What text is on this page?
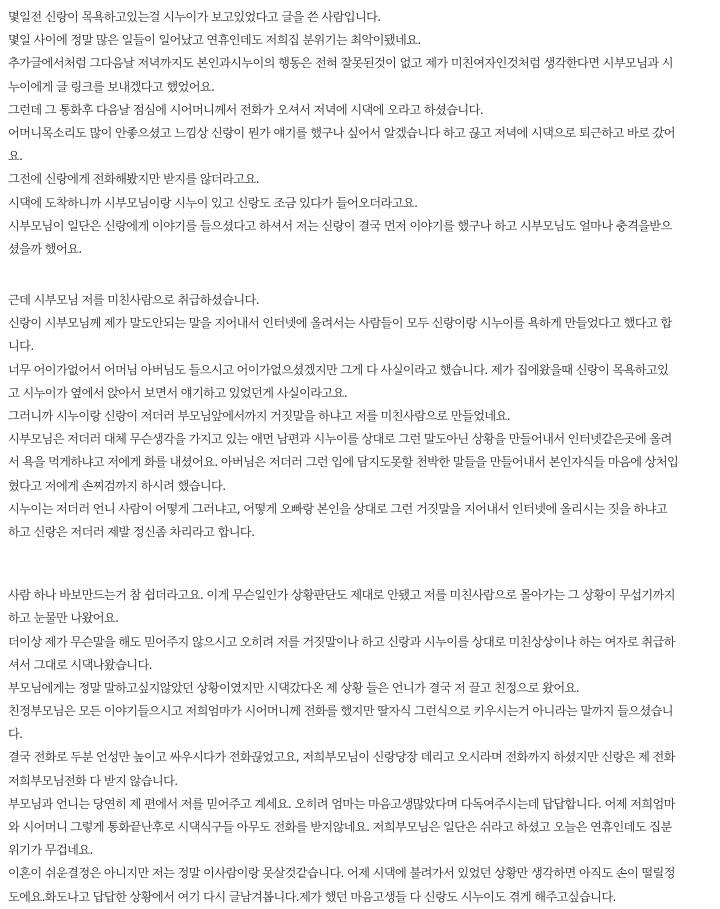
몇일전 신랑이 목욕하고있는걸 시누이가 보고있었다고 글을 쓴 사람입니다.
몇일 사이에 정말 많은 일들이 일어났고 연휴인데도 저희집 분위기는 최악이됐네요.
추가글에서처럼 그다음날 저녁까지도 본인과시누이의 행동은 전혀 잘못된것이 없고 제가 미친여자인것처럼 생각한다면 시부모님과 시
누이에게 글 링크를 보내겠다고 했었어요.
그런데 그 통화후 다음날 점심에 시어머니께서 전화가 오셔서 저녁에 시댁에 오라고 하셨습니다.
어머니목소리도 많이 안좋으셨고 느낌상 신랑이 뭔가 얘기를 했구나 싶어서 알겠습니다 하고 끊고 저녁에 시댁으로 퇴근하고 바로 갔어
요.
그전에 신랑에게 전화해봤지만 받지를 않더라고요.
시댁에 도착하니까 시부모님이랑 시누이 있고 신랑도 조금 있다가 들어오더라고요.
시부모님이 일단은 신랑에게 이야기를 들으셨다고 하셔서 저는 신랑이 결국 먼저 이야기를 했구나 하고 시부모님도 얼마나 충격을받으
셨을까 했어요.
근데 시부모님 저를 미친사람으로 취급하셨습니다.
신랑이 시부모님께 제가 말도안되는 말을 지어내서 인터넷에 올려서는 사람들이 모두 신랑이랑 시누이를 욕하게 만들었다고 했다고 합
니다.
너무 어이가없어서 어머님 아버님도 들으시고 어이가없으셨겠지만 그게 다 사실이라고 했습니다. 제가 집에왔을때 신랑이 목욕하고있
고 시누이가 옆에서 앉아서 보면서 얘기하고 있었던게 사실이라고요.
그러니까 시누이랑 신랑이 저더러 부모님앞에서까지 거짓말을 하냐고 저를 미친사람으로 만들었네요.
시부모님은 저더러 대체 무슨생각을 가지고 있는 애먼 남편과 시누이를 상대로 그런 말도아닌 상황을 만들어내서 인터넷같은곳에 올려
서 욕을 먹게하냐고 저에게 화를 내셨어요. 아버님은 저더러 그런 입에 담지도못할 천박한 말들을 만들어내서 본인자식들 마음에 상처입
혔다고 저에게 손찌검까지 하시려 했습니다.
시누이는 저더러 언니 사람이 어떻게 그러냐고, 어떻게 오빠랑 본인을 상대로 그런 거짓말을 지어내서 인터넷에 올리시는 짓을 하냐고
하고 신랑은 저더러 제발 정신좀 차리라고 합니다.
사람 하나 바보만드는거 참 쉽더라고요. 이게 무슨일인가 상황판단도 제대로 안됐고 저를 미친사람으로 몰아가는 그 상황이 무섭기까지
하고 눈물만 나왔어요.
더이상 제가 무슨말을 해도 믿어주지 않으시고 오히려 저를 거짓말이나 하고 신랑과 시누이를 상대로 미친상상이나 하는 여자로 취급하
셔서 그대로 시댁나왔습니다.
부모님에게는 정말 말하고싶지않았던 상황이였지만 시댁갔다온 제 상황 들은 언니가 결국 저 끌고 친정으로 왔어요.
친정부모님은 모든 이야기들으시고 저희엄마가 시어머니께 전화를 했지만 딸자식 그런식으로 키우시는거 아니라는 말까지 들으셨습니
다.
결국 전화로 두분 언성만 높이고 싸우시다가 전화끊었고요, 저희부모님이 신랑당장 데리고 오시라며 전화까지 하셨지만 신랑은 제 전화
저희부모님전화 다 받지 않습니다.
부모님과 언니는 당연히 제 편에서 저를 믿어주고 계세요. 오히려 엄마는 마음고생많았다며 다독여주시는데 답답합니다. 어제 저희엄마
와 시어머니 그렇게 통화끝난후로 시댁식구들 아무도 전화를 받지않네요. 저희부모님은 일단은 쉬라고 하셨고 오늘은 연휴인데도 집분
위기가 무겁네요.
이혼이 쉬운결정은 아니지만 저는 정말 이사람이랑 못살것같습니다. 어제 시댁에 불려가서 있었던 상황만 생각하면 아직도 손이 떨릴정
도에요.화도나고 답답한 상황에서 여기 다시 글남겨봅니다.제가 했던 마음고생들 다 신랑도 시누이도 겪게 해주고싶습니다.
